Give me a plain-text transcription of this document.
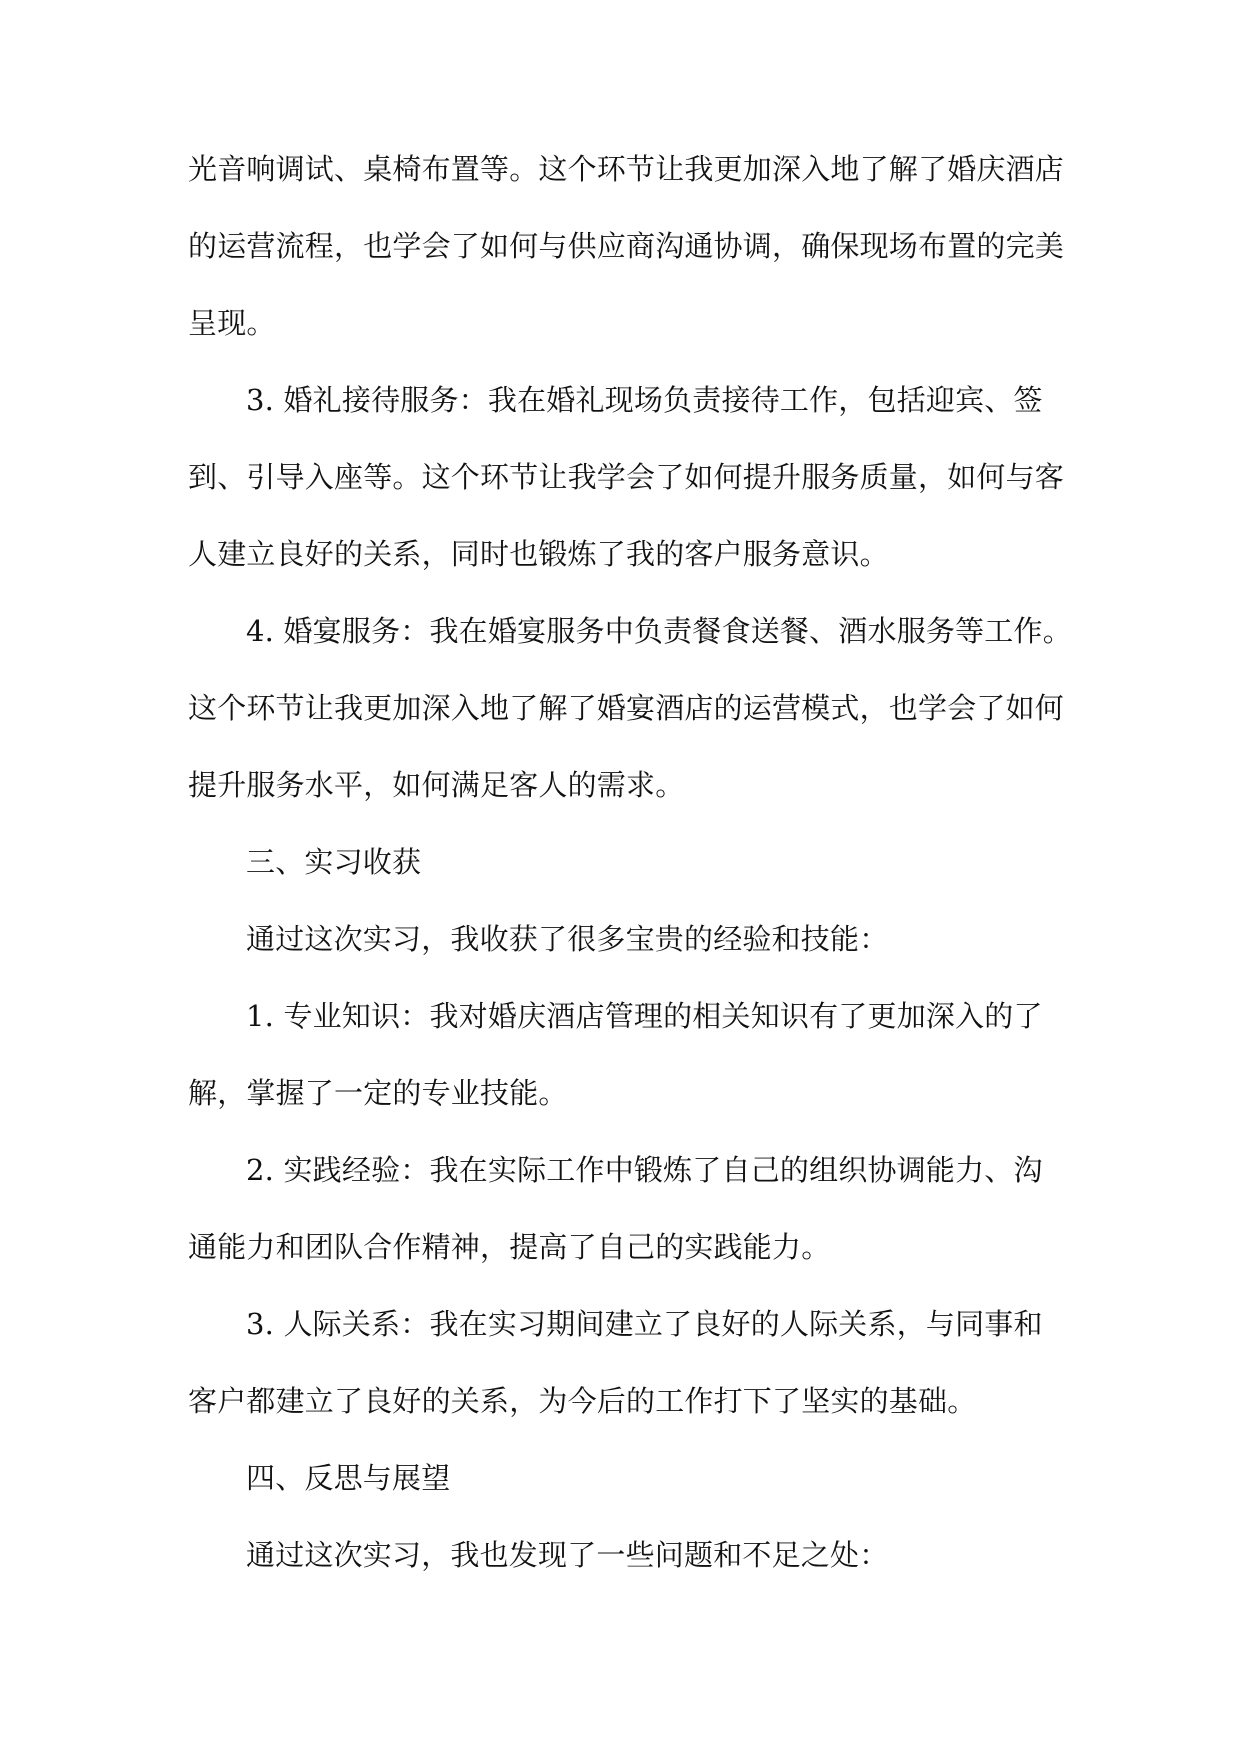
光音响调试、桌椅布置等。这个环节让我更加深入地了解了婚庆酒店
的运营流程，也学会了如何与供应商沟通协调，确保现场布置的完美
呈现。
3. 婚礼接待服务：我在婚礼现场负责接待工作，包括迎宾、签
到、引导入座等。这个环节让我学会了如何提升服务质量，如何与客
人建立良好的关系，同时也锻炼了我的客户服务意识。
4. 婚宴服务：我在婚宴服务中负责餐食送餐、酒水服务等工作。
这个环节让我更加深入地了解了婚宴酒店的运营模式，也学会了如何
提升服务水平，如何满足客人的需求。
三、实习收获
通过这次实习，我收获了很多宝贵的经验和技能：
1. 专业知识：我对婚庆酒店管理的相关知识有了更加深入的了
解，掌握了一定的专业技能。
2. 实践经验：我在实际工作中锻炼了自己的组织协调能力、沟
通能力和团队合作精神，提高了自己的实践能力。
3. 人际关系：我在实习期间建立了良好的人际关系，与同事和
客户都建立了良好的关系，为今后的工作打下了坚实的基础。
四、反思与展望
通过这次实习，我也发现了一些问题和不足之处：
